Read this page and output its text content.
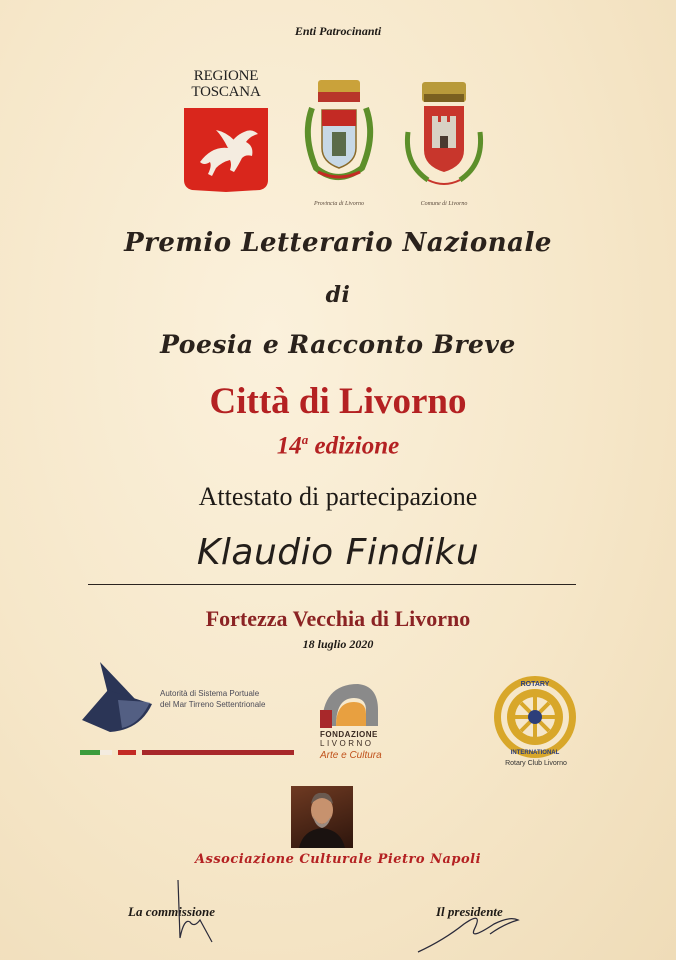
Enti Patrocinanti
REGIONE
TOSCANA
Provincia di Livorno	Comune di Livorno
Premio Letterario Nazionale
di
Poesia e Racconto Breve
Città di Livorno
14$^a$ edizione
Attestato di partecipazione
Klaudio Findiku
Fortezza Vecchia di Livorno
18 luglio 2020
Autorità di Sistema Portuale
del Mar Tirreno Settentrionale
FONDAZIONE
LIVORNO
Arte e Cultura
ROTARY
INTERNATIONAL
Rotary Club Livorno
Associazione Culturale Pietro Napoli
La commissione	Il presidente
